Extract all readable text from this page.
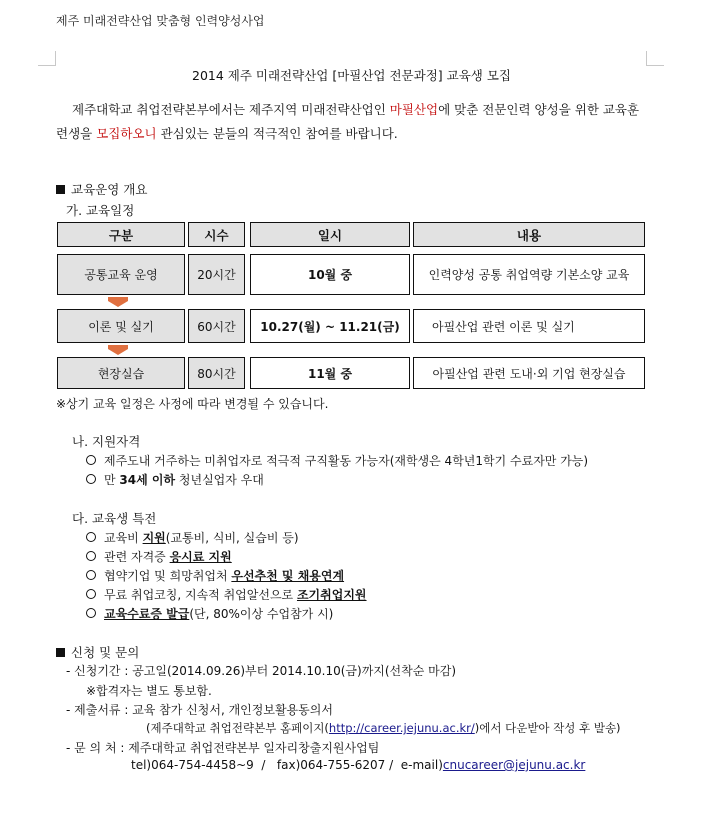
제주 미래전략산업 맞춤형 인력양성사업
2014 제주 미래전략산업 [마필산업 전문과정] 교육생 모집
제주대학교 취업전략본부에서는 제주지역 미래전략산업인 마필산업에 맞춘 전문인력 양성을 위한 교육훈
련생을 모집하오니 관심있는 분들의 적극적인 참여를 바랍니다.
교육운영 개요
가. 교육일정
구분	시수	일시	내용
공통교육 운영	20시간	10월 중	인력양성 공통 취업역량 기본소양 교육
이론 및 실기	60시간	10.27(월) ~ 11.21(금)	아필산업 관련 이론 및 실기
현장실습	80시간	11월 중	아필산업 관련 도내·외 기업 현장실습
※상기 교육 일정은 사정에 따라 변경될 수 있습니다.
나. 지원자격
제주도내 거주하는 미취업자로 적극적 구직활동 가능자(재학생은 4학년1학기 수료자만 가능)
만 34세 이하 청년실업자 우대
다. 교육생 특전
교육비 지원(교통비, 식비, 실습비 등)
관련 자격증 응시료 지원
협약기업 및 희망취업처 우선추천 및 채용연계
무료 취업코칭, 지속적 취업알선으로 조기취업지원
교육수료증 발급(단, 80%이상 수업참가 시)
신청 및 문의
- 신청기간 : 공고일(2014.09.26)부터 2014.10.10(금)까지(선착순 마감)
※합격자는 별도 통보함.
- 제출서류 : 교육 참가 신청서, 개인정보활용동의서
(제주대학교 취업전략본부 홈페이지(http://career.jejunu.ac.kr/)에서 다운받아 작성 후 발송)
- 문 의 처 : 제주대학교 취업전략본부 일자리창출지원사업팀
tel)064-754-4458~9  /   fax)064-755-6207 /  e-mail)cnucareer@jejunu.ac.kr
